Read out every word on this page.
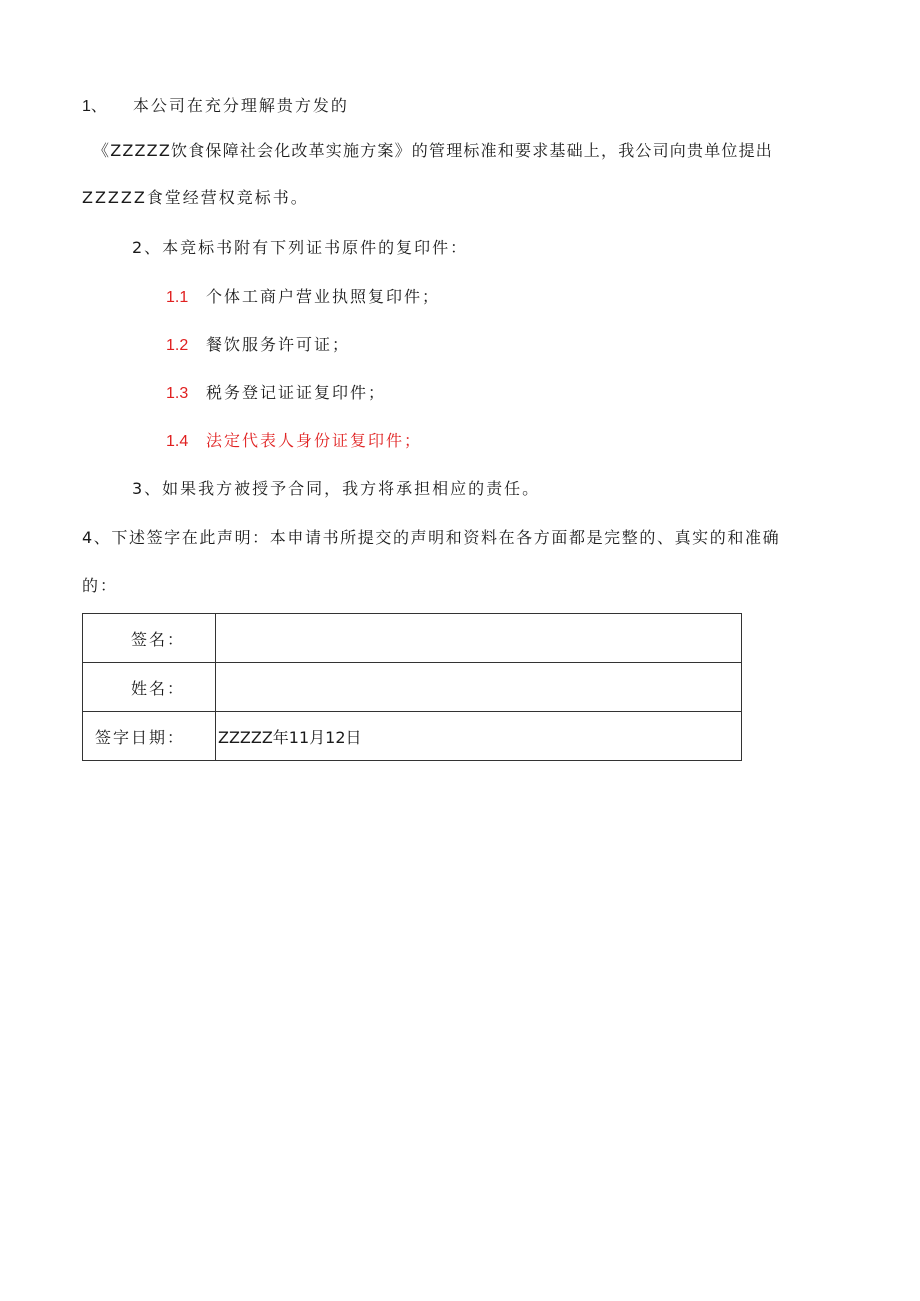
1、 本公司在充分理解贵方发的
《ZZZZZ饮食保障社会化改革实施方案》的管理标准和要求基础上，我公司向贵单位提出
ZZZZZ食堂经营权竞标书。
2、本竞标书附有下列证书原件的复印件：
1.1 个体工商户营业执照复印件；
1.2 餐饮服务许可证；
1.3 税务登记证证复印件；
1.4 法定代表人身份证复印件；
3、如果我方被授予合同，我方将承担相应的责任。
4、下述签字在此声明：本申请书所提交的声明和资料在各方面都是完整的、真实的和准确
的：
签名：	
姓名：	
签字日期：	ZZZZZ年11月12日
